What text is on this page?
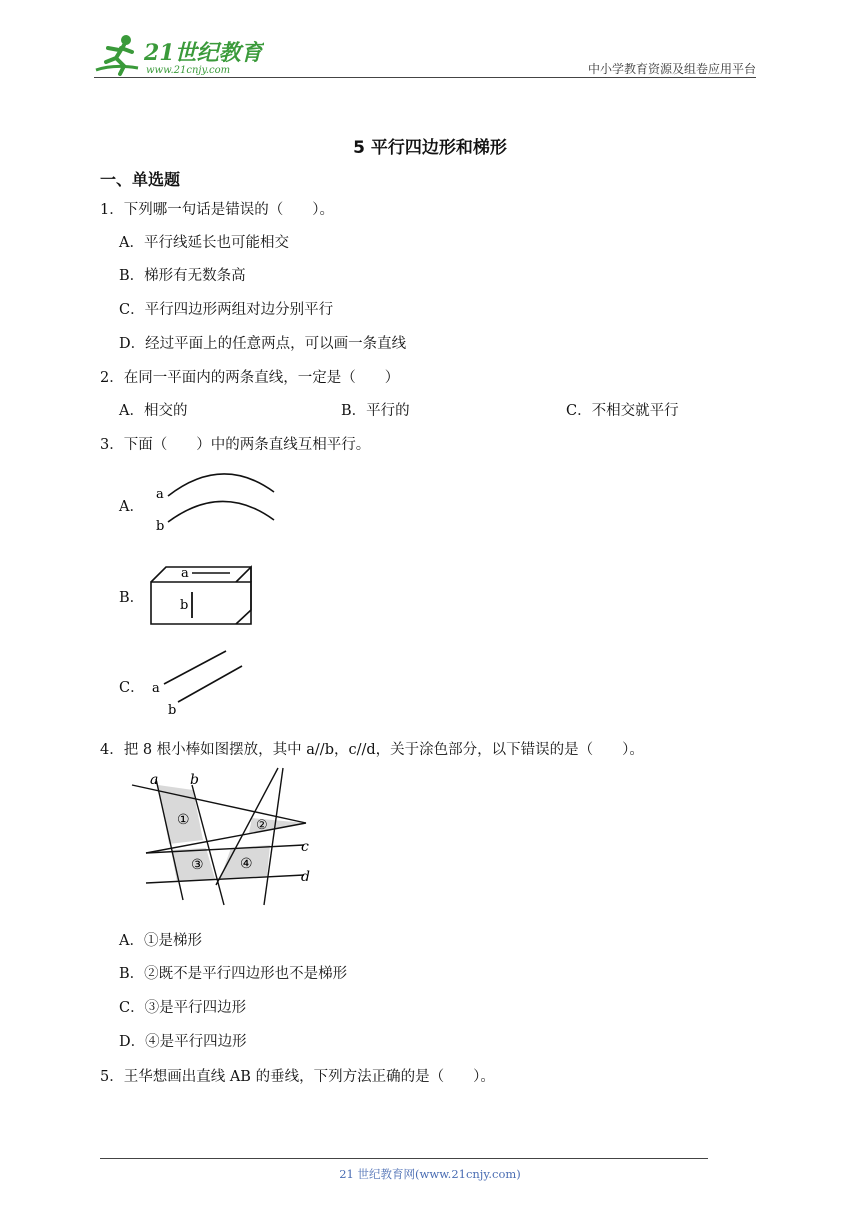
21世纪教育
www.21cnjy.com	中小学教育资源及组卷应用平台
5 平行四边形和梯形
一、单选题
1．下列哪一句话是错误的（　　）。
A．平行线延长也可能相交
B．梯形有无数条高
C．平行四边形两组对边分别平行
D．经过平面上的任意两点，可以画一条直线
2．在同一平面内的两条直线，一定是（　　）
A．相交的	B．平行的	C．不相交就平行
3．下面（　　）中的两条直线互相平行。
A．
a
b
B．
a
b
C． a
b
4．把 8 根小棒如图摆放，其中 a//b，c//d，关于涂色部分，以下错误的是（　　）。
a b
c
d
①	②
③	④
A．①是梯形
B．②既不是平行四边形也不是梯形
C．③是平行四边形
D．④是平行四边形
5．王华想画出直线 AB 的垂线，下列方法正确的是（　　）。
21 世纪教育网(www.21cnjy.com)
